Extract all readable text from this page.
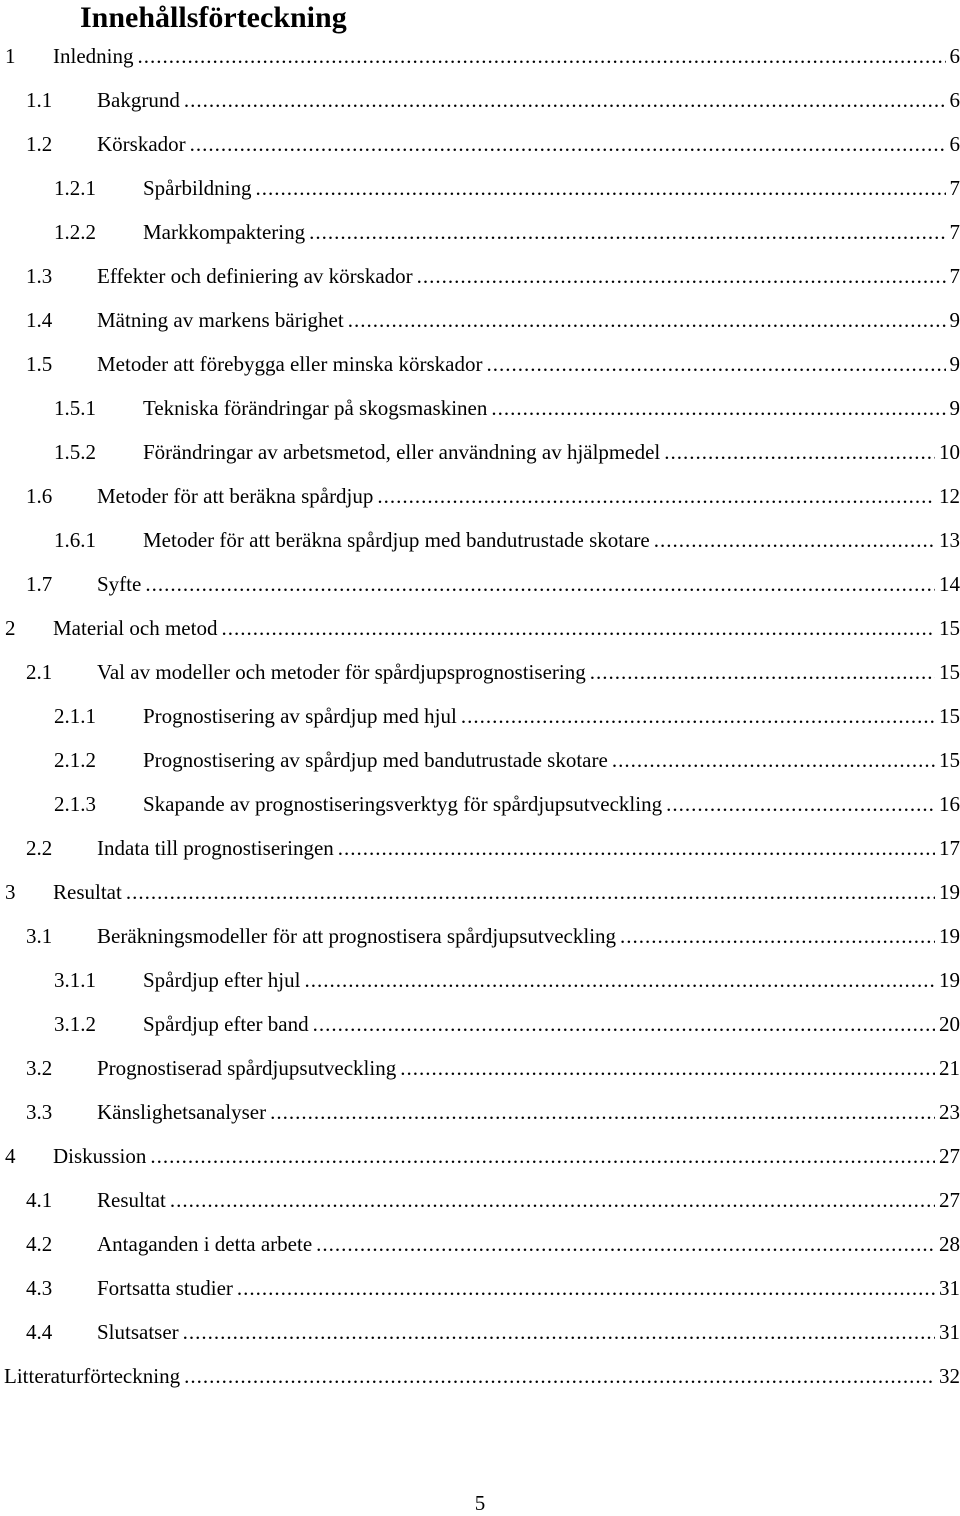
Innehållsförteckning
1 Inledning .....	6
1.1 Bakgrund .....	6
1.2 Körskador .....	6
1.2.1 Spårbildning .....	7
1.2.2 Markkompaktering .....	7
1.3 Effekter och definiering av körskador .....	7
1.4 Mätning av markens bärighet .....	9
1.5 Metoder att förebygga eller minska körskador .....	9
1.5.1 Tekniska förändringar på skogsmaskinen .....	9
1.5.2 Förändringar av arbetsmetod, eller användning av hjälpmedel .....	10
1.6 Metoder för att beräkna spårdjup .....	12
1.6.1 Metoder för att beräkna spårdjup med bandutrustade skotare .....	13
1.7 Syfte .....	14
2 Material och metod .....	15
2.1 Val av modeller och metoder för spårdjupsprognostisering .....	15
2.1.1 Prognostisering av spårdjup med hjul .....	15
2.1.2 Prognostisering av spårdjup med bandutrustade skotare .....	15
2.1.3 Skapande av prognostiseringsverktyg för spårdjupsutveckling .....	16
2.2 Indata till prognostiseringen .....	17
3 Resultat .....	19
3.1 Beräkningsmodeller för att prognostisera spårdjupsutveckling .....	19
3.1.1 Spårdjup efter hjul .....	19
3.1.2 Spårdjup efter band .....	20
3.2 Prognostiserad spårdjupsutveckling .....	21
3.3 Känslighetsanalyser .....	23
4 Diskussion .....	27
4.1 Resultat .....	27
4.2 Antaganden i detta arbete .....	28
4.3 Fortsatta studier .....	31
4.4 Slutsatser .....	31
Litteraturförteckning .....	32
5
